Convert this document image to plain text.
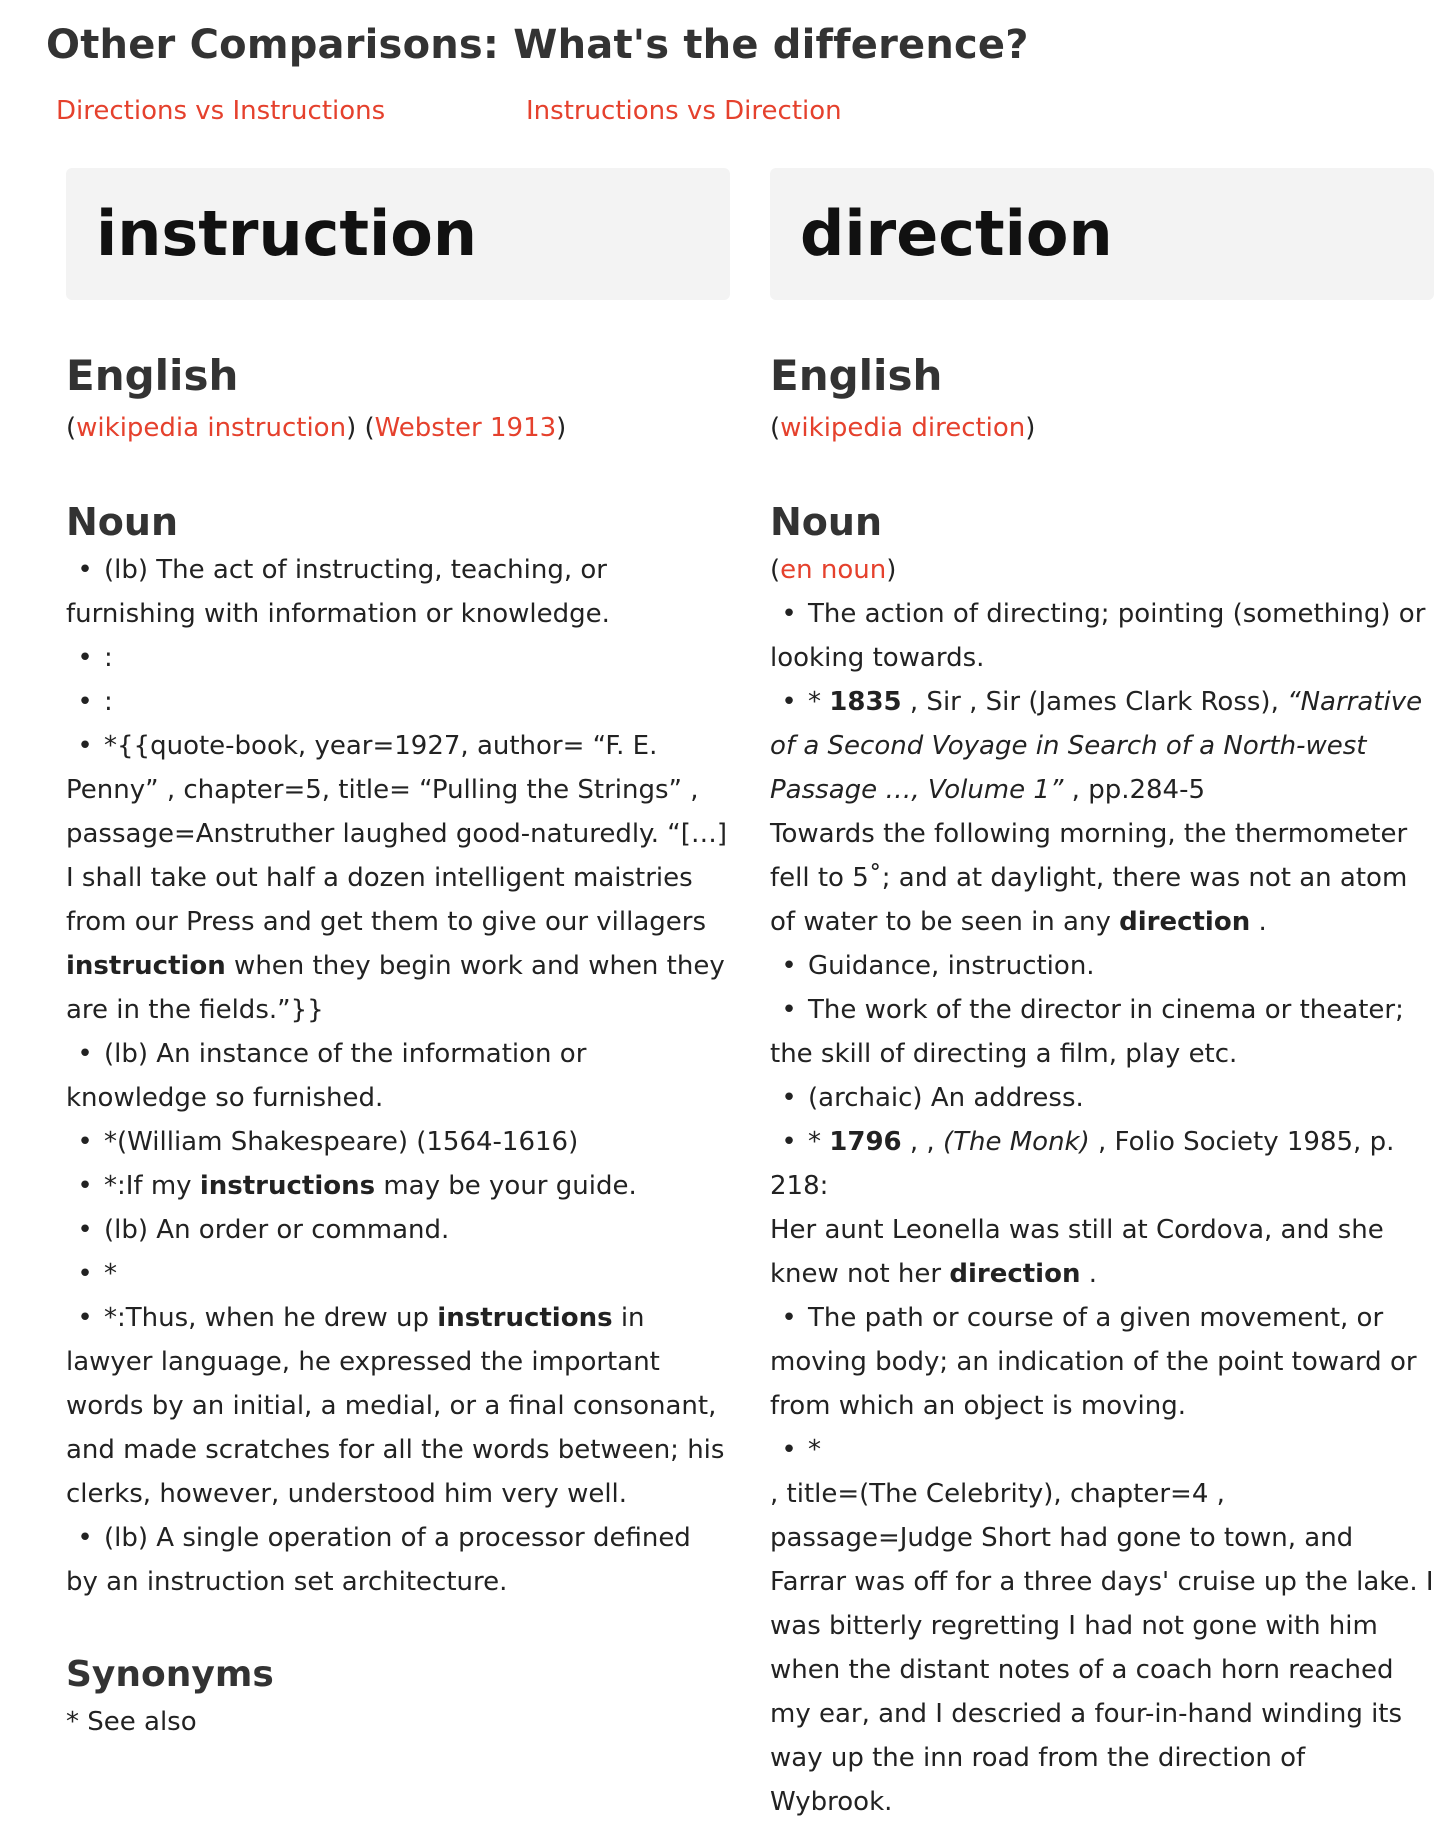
Other Comparisons: What's the difference?
Directions vs Instructions	Instructions vs Direction
instruction
English
(wikipedia instruction) (Webster 1913)
Noun
• (lb) The act of instructing, teaching, or furnishing with information or knowledge.
• :
• :
• *{{quote-book, year=1927, author= “F. E. Penny” , chapter=5, title= “Pulling the Strings” , passage=Anstruther laughed good-naturedly. “[…] I shall take out half a dozen intelligent maistries from our Press and get them to give our villagers instruction when they begin work and when they are in the fields.”}}
• (lb) An instance of the information or knowledge so furnished.
• *(William Shakespeare) (1564-1616)
• *:If my instructions may be your guide.
• (lb) An order or command.
• *
• *:Thus, when he drew up instructions in lawyer language, he expressed the important words by an initial, a medial, or a final consonant, and made scratches for all the words between; his clerks, however, understood him very well.
• (lb) A single operation of a processor defined by an instruction set architecture.
Synonyms

* See also

direction
English
(wikipedia direction)
Noun
(en noun)
• The action of directing; pointing (something) or looking towards.
• * 1835 , Sir , Sir (James Clark Ross), “Narrative of a Second Voyage in Search of a North-west Passage …, Volume 1” , pp.284-5

Towards the following morning, the thermometer fell to 5˚; and at daylight, there was not an atom of water to be seen in any direction .

• Guidance, instruction.
• The work of the director in cinema or theater; the skill of directing a film, play etc.
• (archaic) An address.
• * 1796 , , (The Monk) , Folio Society 1985, p. 218:

Her aunt Leonella was still at Cordova, and she knew not her direction .

• The path or course of a given movement, or moving body; an indication of the point toward or from which an object is moving.
• *

, title=(The Celebrity), chapter=4 , passage=Judge Short had gone to town, and Farrar was off for a three days' cruise up the lake. I was bitterly regretting I had not gone with him when the distant notes of a coach horn reached my ear, and I descried a four-in-hand winding its way up the inn road from the direction of Wybrook.
